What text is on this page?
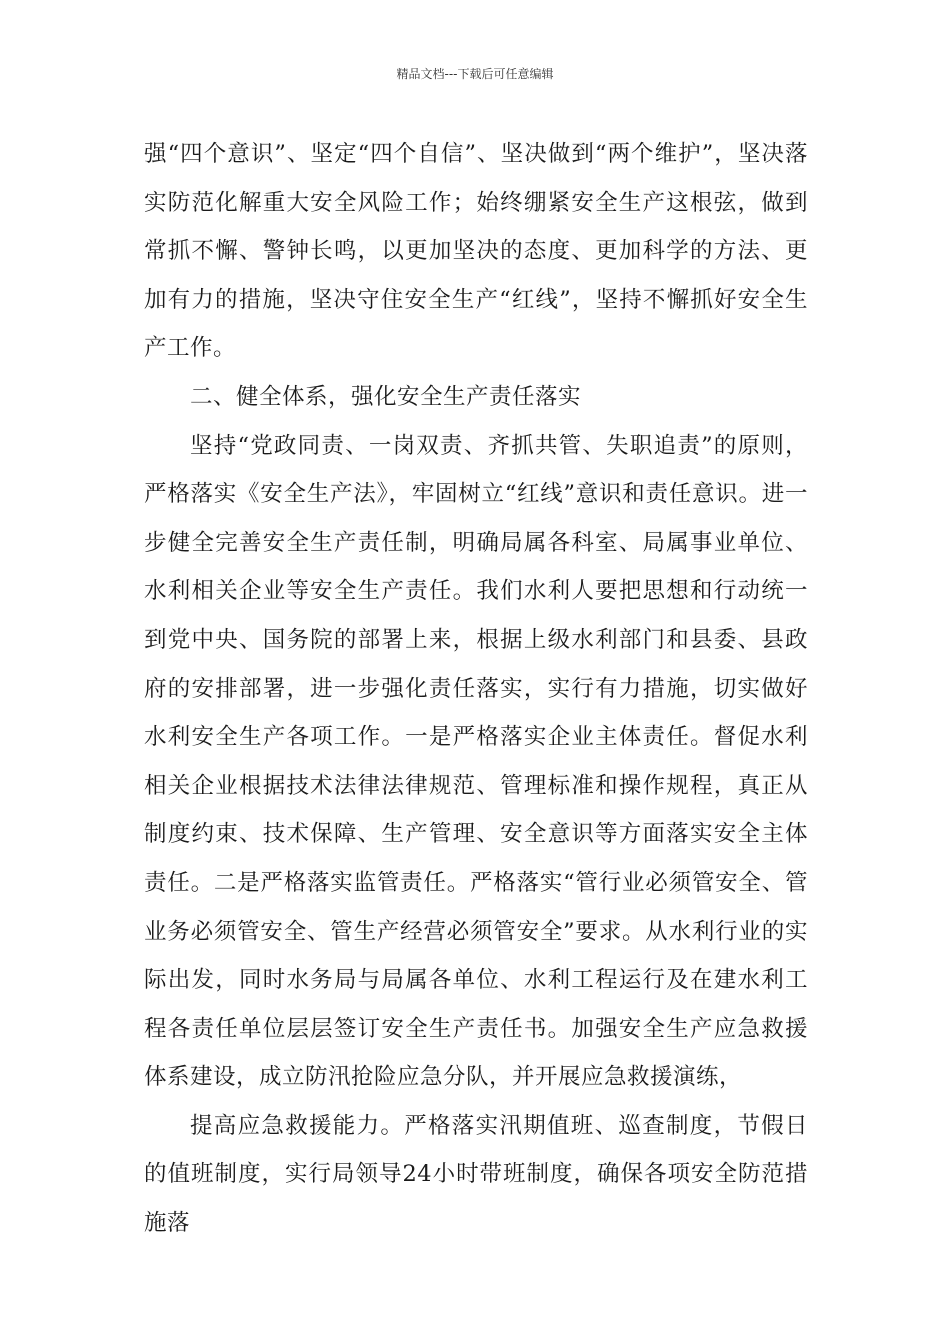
精品文档---下载后可任意编辑

强“四个意识”、坚定“四个自信”、坚决做到“两个维护”，坚决落实防范化解重大安全风险工作；始终绷紧安全生产这根弦，做到常抓不懈、警钟长鸣，以更加坚决的态度、更加科学的方法、更加有力的措施，坚决守住安全生产“红线”，坚持不懈抓好安全生产工作。

二、健全体系，强化安全生产责任落实

坚持“党政同责、一岗双责、齐抓共管、失职追责”的原则，严格落实《安全生产法》，牢固树立“红线”意识和责任意识。进一步健全完善安全生产责任制，明确局属各科室、局属事业单位、水利相关企业等安全生产责任。我们水利人要把思想和行动统一到党中央、国务院的部署上来，根据上级水利部门和县委、县政府的安排部署，进一步强化责任落实，实行有力措施，切实做好水利安全生产各项工作。一是严格落实企业主体责任。督促水利相关企业根据技术法律法律规范、管理标准和操作规程，真正从制度约束、技术保障、生产管理、安全意识等方面落实安全主体责任。二是严格落实监管责任。严格落实“管行业必须管安全、管业务必须管安全、管生产经营必须管安全”要求。从水利行业的实际出发，同时水务局与局属各单位、水利工程运行及在建水利工程各责任单位层层签订安全生产责任书。加强安全生产应急救援体系建设，成立防汛抢险应急分队，并开展应急救援演练，

提高应急救援能力。严格落实汛期值班、巡查制度，节假日的值班制度，实行局领导24小时带班制度，确保各项安全防范措施落
